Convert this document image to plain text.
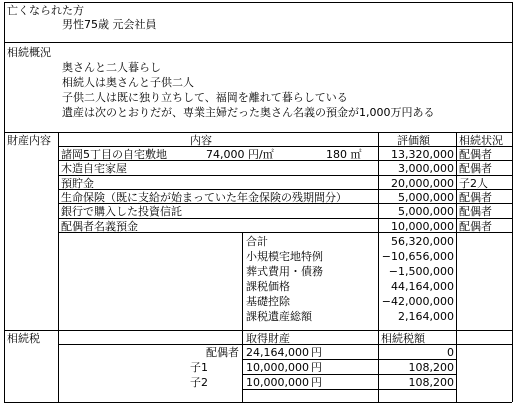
亡くなられた方
男性75歳 元会社員
相続概況
奥さんと二人暮らし
相続人は奥さんと子供二人
子供二人は既に独り立ちして、福岡を離れて暮らしている
遺産は次のとおりだが、専業主婦だった奥さん名義の預金が1,000万円ある
財産内容	内容	評価額	相続状況
諸岡5丁目の自宅敷地	74,000 円/㎡	180 ㎡	13,320,000 配偶者
木造自宅家屋	3,000,000 配偶者
預貯金	20,000,000 子2人
生命保険（既に支給が始まっていた年金保険の残期間分）	5,000,000 配偶者
銀行で購入した投資信託	5,000,000 配偶者
配偶者名義預金	10,000,000 配偶者
合計	56,320,000
小規模宅地特例	−10,656,000
葬式費用・債務	−1,500,000
課税価格	44,164,000
基礎控除	−42,000,000
課税遺産総額	2,164,000
相続税	取得財産	相続税額
配偶者 24,164,000 円	0
子1	10,000,000 円	108,200
子2	10,000,000 円	108,200
